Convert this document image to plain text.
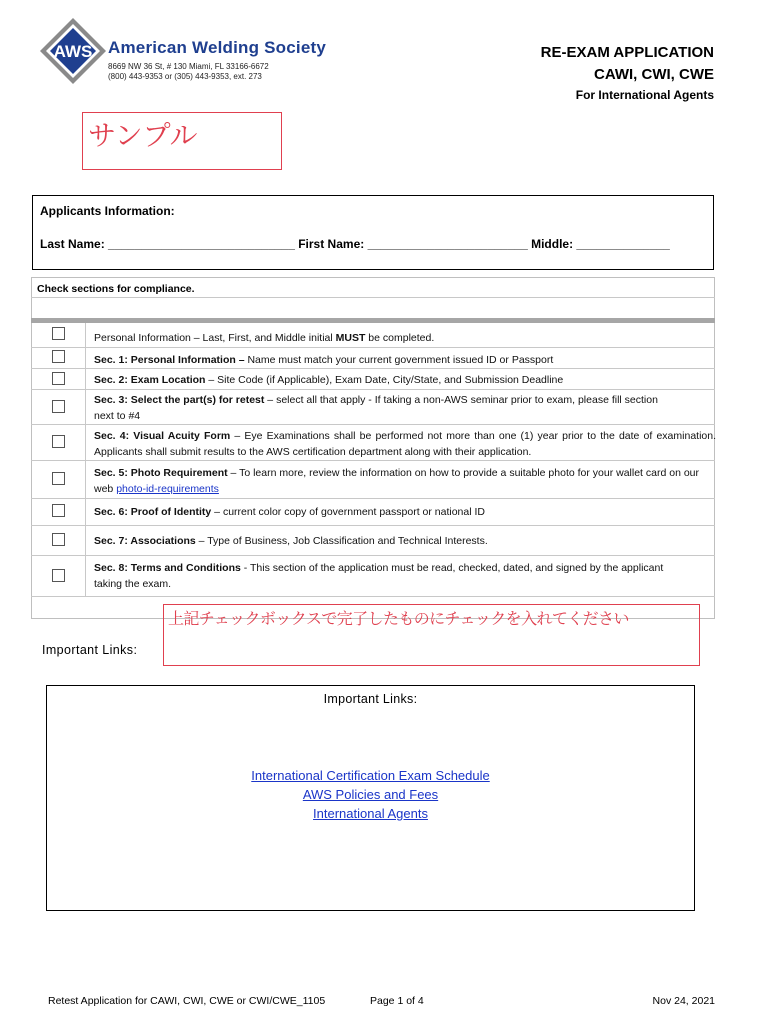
AWS American Welding Society
8669 NW 36 St, # 130 Miami, FL 33166-6672
(800) 443-9353 or (305) 443-9353, ext. 273
RE-EXAM APPLICATION
CAWI, CWI, CWE
For International Agents
サンプル
Applicants Information:
Last Name: ____________________________ First Name: ________________________ Middle: ______________
Check sections for compliance.
Personal Information – Last, First, and Middle initial MUST be completed.
Sec. 1: Personal Information – Name must match your current government issued ID or Passport
Sec. 2: Exam Location – Site Code (if Applicable), Exam Date, City/State, and Submission Deadline
Sec. 3: Select the part(s) for retest – select all that apply - If taking a non-AWS seminar prior to exam, please fill section next to #4
Sec. 4: Visual Acuity Form – Eye Examinations shall be performed not more than one (1) year prior to the date of examination. Applicants shall submit results to the AWS certification department along with their application.
Sec. 5: Photo Requirement – To learn more, review the information on how to provide a suitable photo for your wallet card on our web photo-id-requirements
Sec. 6: Proof of Identity – current color copy of government passport or national ID
Sec. 7: Associations – Type of Business, Job Classification and Technical Interests.
Sec. 8: Terms and Conditions - This section of the application must be read, checked, dated, and signed by the applicant taking the exam.
上記チェックボックスで完了したものにチェックを入れてください
Important Links:
Important Links:
International Certification Exam Schedule
AWS Policies and Fees
International Agents
Retest Application for CAWI, CWI, CWE or CWI/CWE_1105	Page 1 of 4	Nov 24, 2021
